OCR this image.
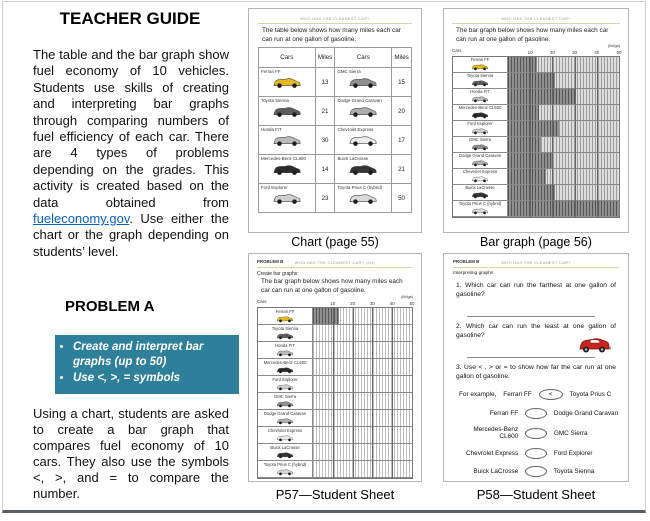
TEACHER GUIDE
The table and the bar graph show fuel economy of 10 vehicles. Students use skills of creating and interpreting bar graphs through comparing numbers of fuel efficiency of each car. There are 4 types of problems depending on the grades. This activity is created based on the data obtained from fueleconomy.gov. Use either the chart or the graph depending on students’ level.
PROBLEM A
• Create and interpret bar graphs (up to 50)
• Use <, >, = symbols
Using a chart, students are asked to create a bar graph that compares fuel economy of 10 cars. They also use the symbols <, >, and = to compare the number.
WHO HAS THE CLEANEST CAR?
The table below shows how many miles each car can run at one gallon of gasoline.
Cars	Miles	Cars	Miles
Ferrari FF	13	GMC Sierra	15
Toyota Sienna	21	Dodge Grand Caravan	20
Honda FIT	30	Chevrolet Express	17
Mercedes-Benz CL600	14	Buick LaCrosse	21
Ford Explorer	23	Toyota Prius C (hybrid)	50
Chart (page 55)
WHO HAS THE CLEANEST CAR?
The bar graph below shows how many miles each car can run at one gallon of gasoline.
Cars
(Mi/ga)
10	20	30	40	50
Ferrari FF
Toyota Sienna
Honda FIT
Mercedes-Benz CL600
Ford Explorer
GMC Sierra
Dodge Grand Caravan
Chevrolet Express
Buick LaCrosse
Toyota Prius C (hybrid)
Bar graph (page 56)
PROBLEM B	WHO HAS THE CLEANEST CAR? (2/4)
Create bar graphs:
The bar graph below shows how many miles each car can run at one gallon of gasoline.
Cars
(Mi/ga)
10	20	30	40	50
Ferrari FF
Toyota Sienna
Honda FIT
Mercedes-Benz CL600
Ford Explorer
GMC Sierra
Dodge Grand Caravan
Chevrolet Express
Buick LaCrosse
Toyota Prius C (hybrid)
P57—Student Sheet
PROBLEM B	WHO HAS THE CLEANEST CAR?
Interpreting graphs
1. Which car can run the farthest at one gallon of gasoline?
2. Which car can run the least at one gallon of gasoline?
3. Use < , > or = to show how far the car run at one gallon of gasoline.
For example, Ferrari FF	<	Toyota Prius C
Ferrari FF	Dodge Grand Caravan
Mercedes-Benz CL600	GMC Sierra
Chevrolet Express	Ford Explorer
Buick LaCrosse	Toyota Sienna
P58—Student Sheet
